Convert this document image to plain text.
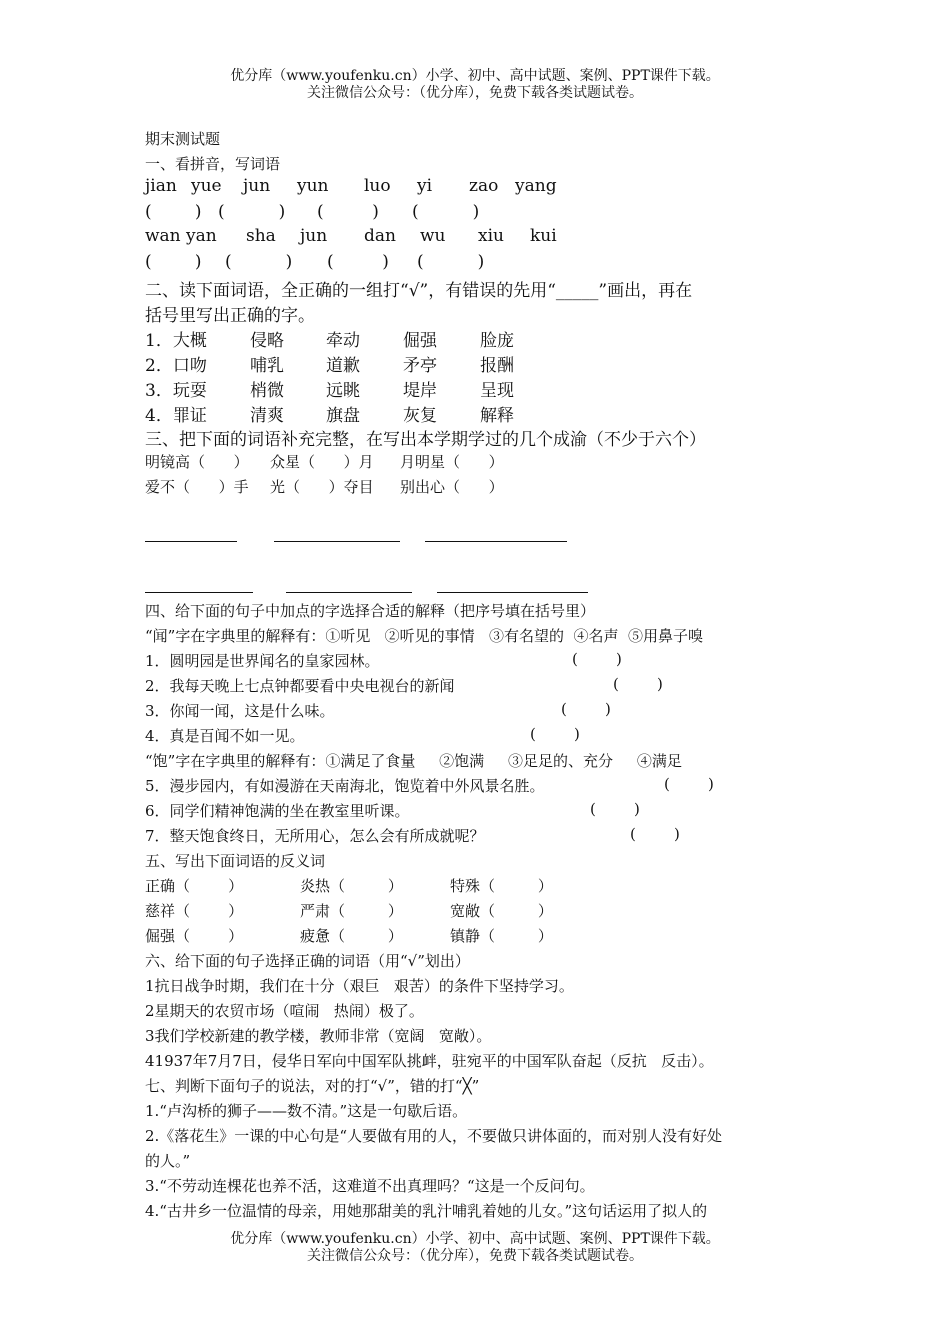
优分库（www.youfenku.cn）小学、初中、高中试题、案例、PPT课件下载。
关注微信公众号：（优分库），免费下载各类试题试卷。
期末测试题
一、看拼音，写词语
jian yue jun yun luo yi zao yang
(        ) (          ) (         ) (          )
wan yan sha jun dan wu xiu kui
(        ) (          ) (         ) (          )
二、读下面词语，全正确的一组打“√”，有错误的先用“_____”画出，再在
括号里写出正确的字。
1．大概	侵略 牵动	倔强	脸庞
2．口吻	哺乳 道歉	矛亭	报酬
3．玩耍	梢微 远眺	堤岸	呈现
4．罪证	清爽 旗盘	灰复	解释
三、把下面的词语补充完整，在写出本学期学过的几个成渝（不少于六个）
明镜高（      ） 众星（      ）月 月明星（      ）
爱不（      ）手 光（      ）夺目 别出心（      ）
四、给下面的句子中加点的字选择合适的解释（把序号填在括号里）
“闻”字在字典里的解释有：①听见   ②听见的事情   ③有名望的  ④名声  ⑤用鼻子嗅
1．圆明园是世界闻名的皇家园林。	(        )
2．我每天晚上七点钟都要看中央电视台的新闻	(        )
3．你闻一闻，这是什么味。	(        )
4．真是百闻不如一见。	(        )
“饱”字在字典里的解释有：①满足了食量     ②饱满     ③足足的、充分     ④满足
5．漫步园内，有如漫游在天南海北，饱览着中外风景名胜。	(        )
6．同学们精神饱满的坐在教室里听课。	(        )
7．整天饱食终日，无所用心，怎么会有所成就呢？	(        )
五、写出下面词语的反义词
正确（        ）	炎热（         ）	特殊（         ）
慈祥（        ）	严肃（         ）	宽敞（         ）
倔强（        ）	疲惫（         ）	镇静（         ）
六、给下面的句子选择正确的词语（用“√”划出）
1抗日战争时期，我们在十分（艰巨   艰苦）的条件下坚持学习。
2星期天的农贸市场（喧闹   热闹）极了。
3我们学校新建的教学楼，教师非常（宽阔   宽敞）。
41937年7月7日，侵华日军向中国军队挑衅，驻宛平的中国军队奋起（反抗   反击）。
七、判断下面句子的说法，对的打“√”，错的打“╳”
1.“卢沟桥的狮子——数不清。”这是一句歇后语。
2.《落花生》一课的中心句是“人要做有用的人，不要做只讲体面的，而对别人没有好处
的人。”
3.“不劳动连棵花也养不活，这难道不出真理吗？“这是一个反问句。
4.“古井乡一位温情的母亲，用她那甜美的乳汁哺乳着她的儿女。”这句话运用了拟人的
优分库（www.youfenku.cn）小学、初中、高中试题、案例、PPT课件下载。
关注微信公众号：（优分库），免费下载各类试题试卷。
